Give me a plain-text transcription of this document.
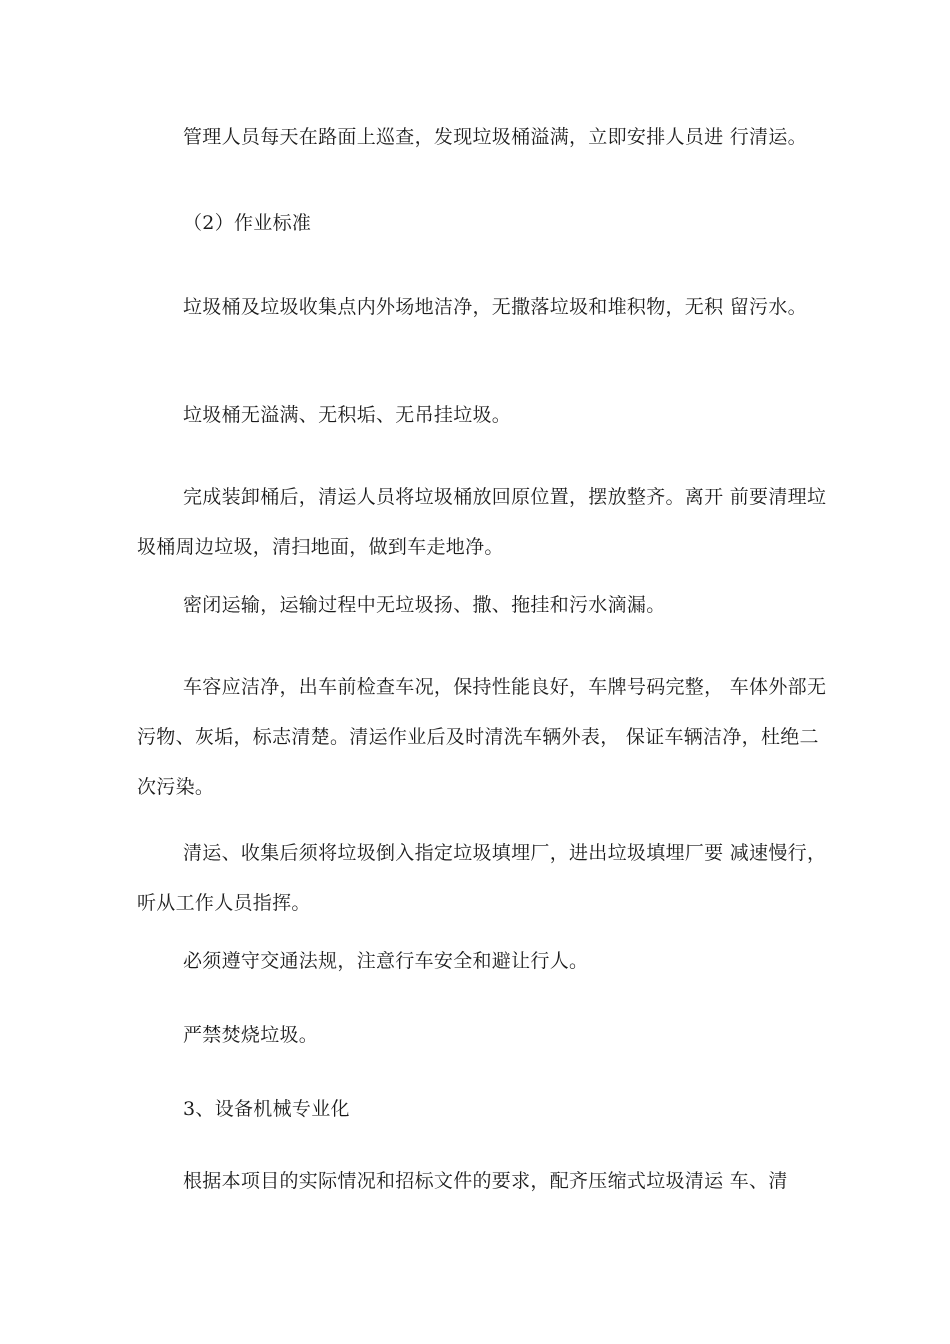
管理人员每天在路面上巡查，发现垃圾桶溢满，立即安排人员进 行清运。

（2）作业标准

垃圾桶及垃圾收集点内外场地洁净，无撒落垃圾和堆积物，无积 留污水。

垃圾桶无溢满、无积垢、无吊挂垃圾。

完成装卸桶后，清运人员将垃圾桶放回原位置，摆放整齐。离开 前要清理垃圾桶周边垃圾，清扫地面，做到车走地净。

密闭运输，运输过程中无垃圾扬、撒、拖挂和污水滴漏。

车容应洁净，出车前检查车况，保持性能良好，车牌号码完整， 车体外部无污物、灰垢，标志清楚。清运作业后及时清洗车辆外表， 保证车辆洁净，杜绝二次污染。

清运、收集后须将垃圾倒入指定垃圾填埋厂，进出垃圾填埋厂要 减速慢行，听从工作人员指挥。

必须遵守交通法规，注意行车安全和避让行人。

严禁焚烧垃圾。

3、设备机械专业化

根据本项目的实际情况和招标文件的要求，配齐压缩式垃圾清运 车、清
